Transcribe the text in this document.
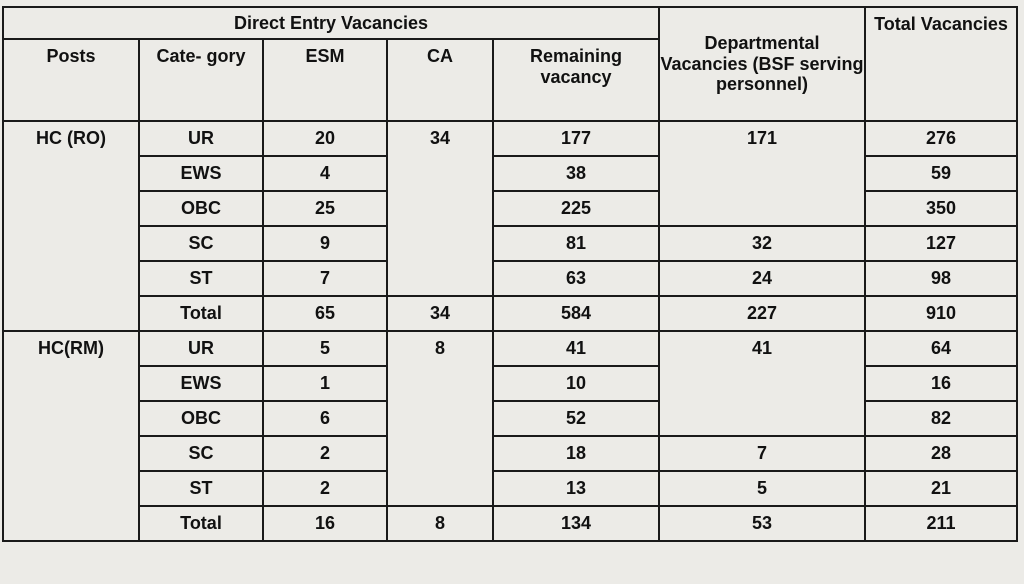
Direct Entry Vacancies					Departmental Vacancies (BSF serving personnel)	Total Vacancies
Posts	Cate- gory	ESM	CA	Remaining vacancy		
HC (RO)	UR	20	34	177	171	276
	EWS	4		38		59
	OBC	25		225		350
	SC	9		81	32	127
	ST	7		63	24	98
	Total	65	34	584	227	910
HC(RM)	UR	5	8	41	41	64
	EWS	1		10		16
	OBC	6		52		82
	SC	2		18	7	28
	ST	2		13	5	21
	Total	16	8	134	53	211
